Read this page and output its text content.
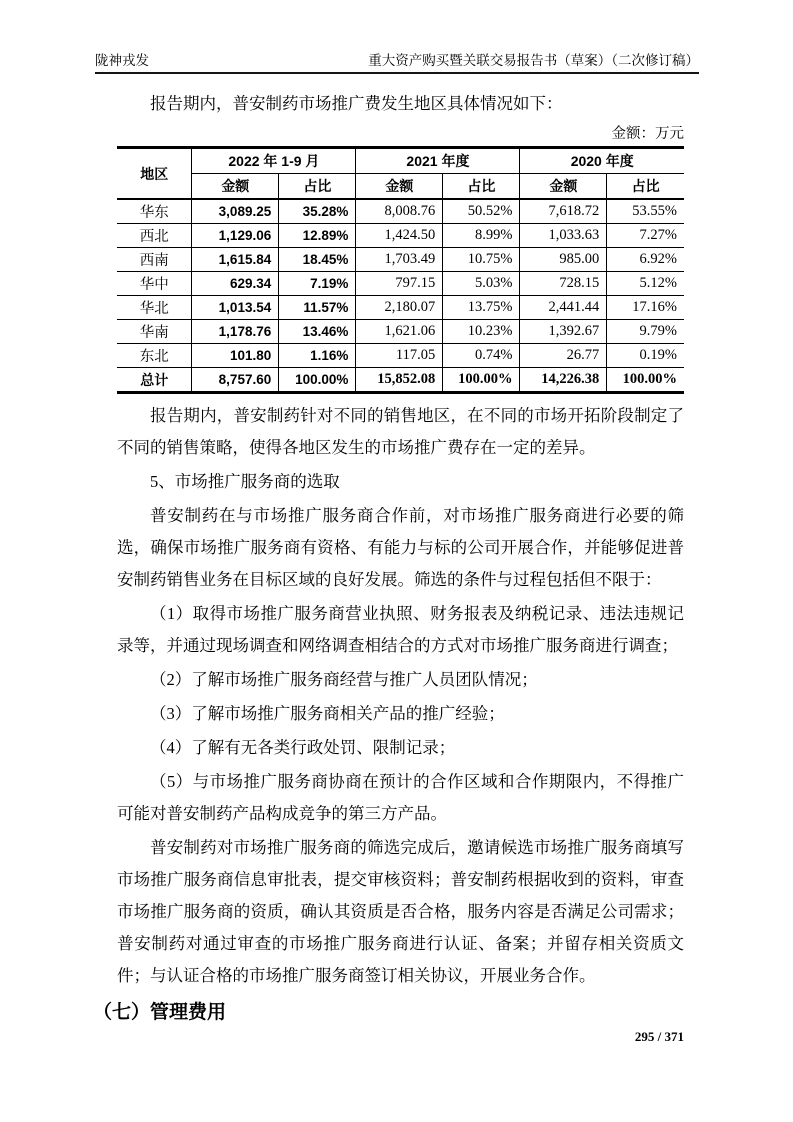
陇神戎发	重大资产购买暨关联交易报告书（草案）（二次修订稿）

报告期内，普安制药市场推广费发生地区具体情况如下：

金额：万元
地区	2022 年 1-9 月		2021 年度		2020 年度	
	金额	占比	金额	占比	金额	占比
华东	3,089.25	35.28%	8,008.76	50.52%	7,618.72	53.55%
西北	1,129.06	12.89%	1,424.50	8.99%	1,033.63	7.27%
西南	1,615.84	18.45%	1,703.49	10.75%	985.00	6.92%
华中	629.34	7.19%	797.15	5.03%	728.15	5.12%
华北	1,013.54	11.57%	2,180.07	13.75%	2,441.44	17.16%
华南	1,178.76	13.46%	1,621.06	10.23%	1,392.67	9.79%
东北	101.80	1.16%	117.05	0.74%	26.77	0.19%
总计	8,757.60	100.00%	15,852.08	100.00%	14,226.38	100.00%

报告期内，普安制药针对不同的销售地区，在不同的市场开拓阶段制定了不同的销售策略，使得各地区发生的市场推广费存在一定的差异。

5、市场推广服务商的选取

普安制药在与市场推广服务商合作前，对市场推广服务商进行必要的筛选，确保市场推广服务商有资格、有能力与标的公司开展合作，并能够促进普安制药销售业务在目标区域的良好发展。筛选的条件与过程包括但不限于：

（1）取得市场推广服务商营业执照、财务报表及纳税记录、违法违规记录等，并通过现场调查和网络调查相结合的方式对市场推广服务商进行调查；

（2）了解市场推广服务商经营与推广人员团队情况；

（3）了解市场推广服务商相关产品的推广经验；

（4）了解有无各类行政处罚、限制记录；

（5）与市场推广服务商协商在预计的合作区域和合作期限内，不得推广可能对普安制药产品构成竞争的第三方产品。

普安制药对市场推广服务商的筛选完成后，邀请候选市场推广服务商填写市场推广服务商信息审批表，提交审核资料；普安制药根据收到的资料，审查市场推广服务商的资质，确认其资质是否合格，服务内容是否满足公司需求；普安制药对通过审查的市场推广服务商进行认证、备案；并留存相关资质文件；与认证合格的市场推广服务商签订相关协议，开展业务合作。

（七）管理费用
295 / 371
